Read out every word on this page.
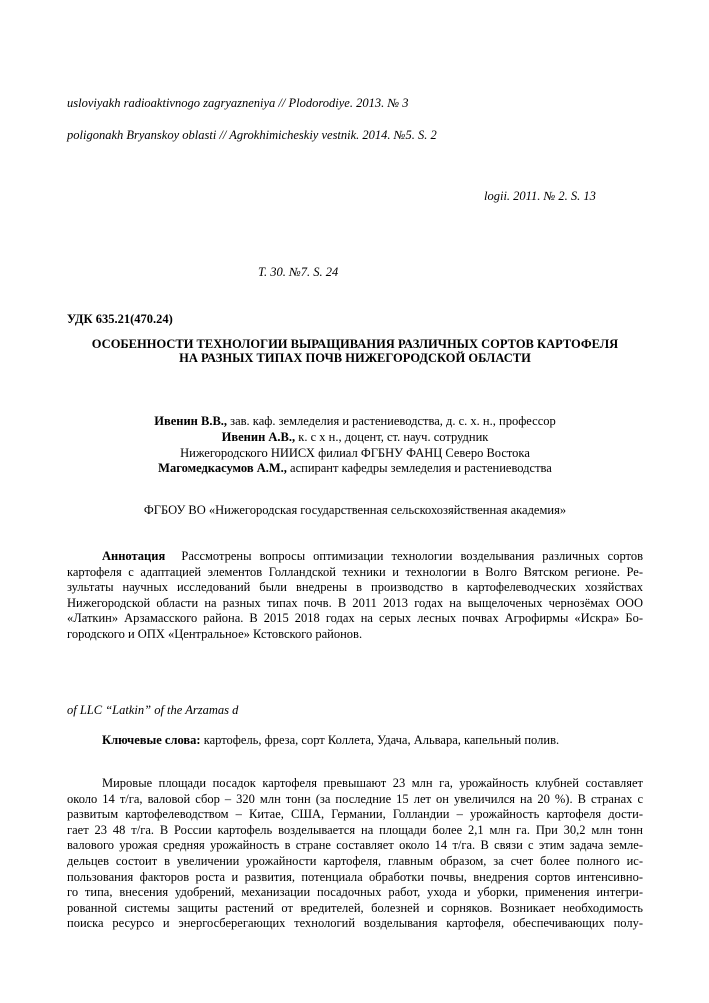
usloviyakh radioaktivnogo zagryazneniya // Plodorodiye. 2013. № 3
poligonakh Bryanskoy oblasti // Agrokhimicheskiy vestnik. 2014. №5. S. 2
logii. 2011. № 2. S. 13
T. 30. №7. S. 24
УДК 635.21(470.24)
ОСОБЕННОСТИ ТЕХНОЛОГИИ ВЫРАЩИВАНИЯ РАЗЛИЧНЫХ СОРТОВ КАРТОФЕЛЯ
НА РАЗНЫХ ТИПАХ ПОЧВ НИЖЕГОРОДСКОЙ ОБЛАСТИ
Ивенин В.В., зав. каф. земледелия и растениеводства, д. с. х. н., профессор
Ивенин А.В., к. с х н., доцент, ст. науч. сотрудник
Нижегородского НИИСХ филиал ФГБНУ ФАНЦ Северо Востока
Магомедкасумов А.М., аспирант кафедры земледелия и растениеводства
ФГБОУ ВО «Нижегородская государственная сельскохозяйственная академия»
Аннотация Рассмотрены вопросы оптимизации технологии возделывания различных сортов
картофеля с адаптацией элементов Голландской техники и технологии в Волго Вятском регионе. Ре-
зультаты научных исследований были внедрены в производство в картофелеводческих хозяйствах
Нижегородской области на разных типах почв. В 2011 2013 годах на выщелоченых чернозёмах ООО
«Латкин» Арзамасского района. В 2015 2018 годах на серых лесных почвах Агрофирмы «Искра» Бо-
городского и ОПХ «Центральное» Кстовского районов.
of LLC “Latkin” of the Arzamas d
Ключевые слова: картофель, фреза, сорт Коллета, Удача, Альвара, капельный полив.
Мировые площади посадок картофеля превышают 23 млн га, урожайность клубней составляет
около 14 т/га, валовой сбор – 320 млн тонн (за последние 15 лет он увеличился на 20 %). В странах с
развитым картофелеводством – Китае, США, Германии, Голландии – урожайность картофеля дости-
гает 23 48 т/га. В России картофель возделывается на площади более 2,1 млн га. При 30,2 млн тонн
валового урожая средняя урожайность в стране составляет около 14 т/га. В связи с этим задача земле-
дельцев состоит в увеличении урожайности картофеля, главным образом, за счет более полного ис-
пользования факторов роста и развития, потенциала обработки почвы, внедрения сортов интенсивно-
го типа, внесения удобрений, механизации посадочных работ, ухода и уборки, применения интегри-
рованной системы защиты растений от вредителей, болезней и сорняков. Возникает необходимость
поиска ресурсо и энергосберегающих технологий возделывания картофеля, обеспечивающих полу-
